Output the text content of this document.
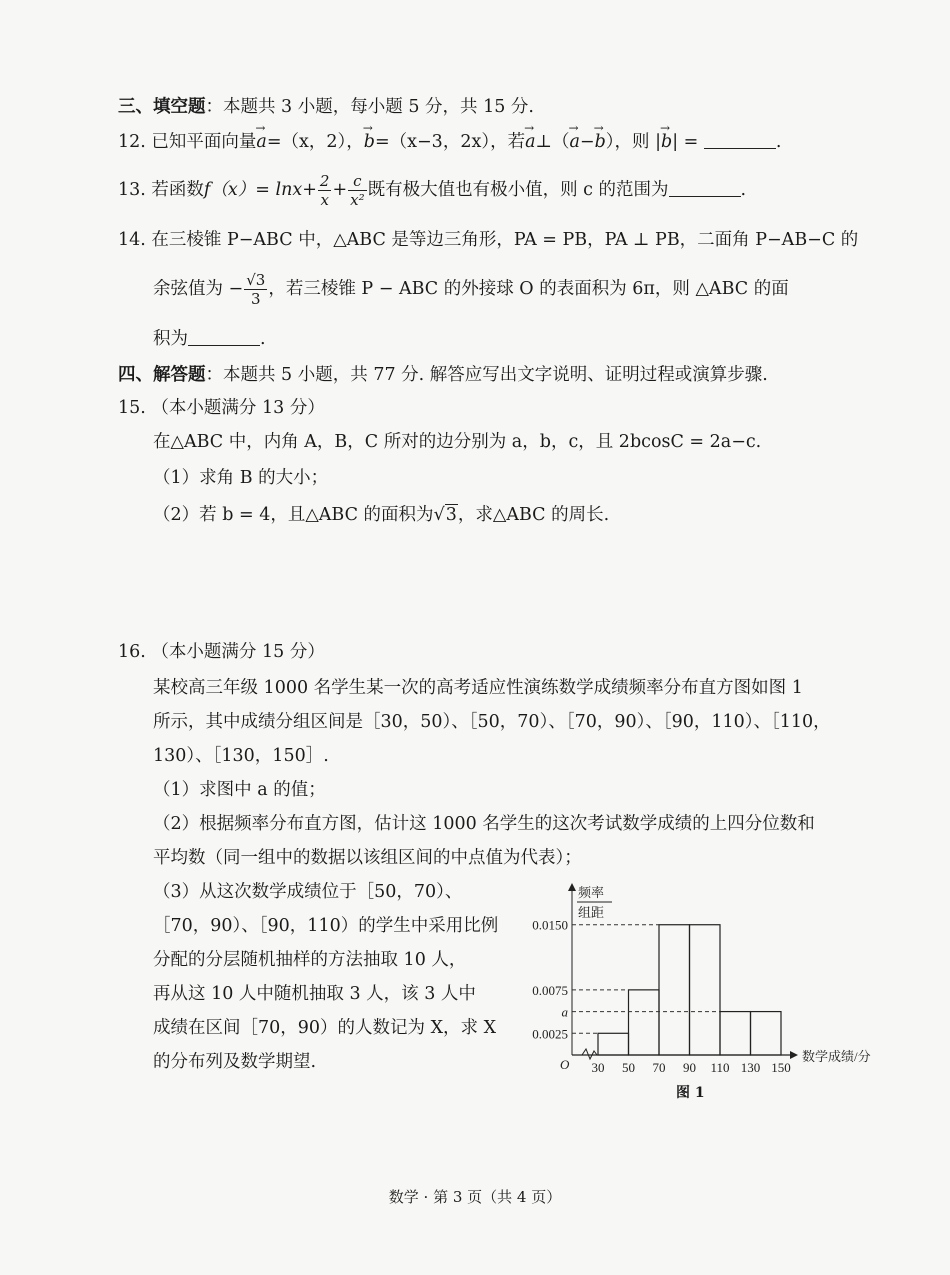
三、填空题：本题共 3 小题，每小题 5 分，共 15 分.
12. 已知平面向量→ a=（x，2），→ b=（x−3，2x），若→ a⊥（→ a−→ b），则 |→ b| =	.
13. 若函数$f(x)= \ln x+ \frac{2}{x} + \frac{c}{\text{x²}}$ 既有极大值也有极小值，则 c 的范围为	.
14. 在三棱锥 P−ABC 中，△ABC 是等边三角形，PA = PB，PA ⊥ PB，二面角 P−AB−C 的
余弦值为 − $\frac{√3}{3}$ ，若三棱锥 P − ABC 的外接球 O 的表面积为 6π，则 △ABC 的面
积为	.
四、解答题：本题共 5 小题，共 77 分. 解答应写出文字说明、证明过程或演算步骤.
15. （本小题满分 13 分）
在△ABC 中，内角 A，B，C 所对的边分别为 a，b，c，且 2bcosC = 2a−c.
（1）求角 B 的大小；
（2）若 b = 4，且△ABC 的面积为√3，求△ABC 的周长.
16. （本小题满分 15 分）
某校高三年级 1000 名学生某一次的高考适应性演练数学成绩频率分布直方图如图 1
所示，其中成绩分组区间是［30，50）、［50，70）、［70，90）、［90，110）、［110，
130）、［130，150］.
（1）求图中 a 的值；
（2）根据频率分布直方图，估计这 1000 名学生的这次考试数学成绩的上四分位数和
平均数（同一组中的数据以该组区间的中点值为代表）；
（3）从这次数学成绩位于［50，70）、
［70，90）、［90，110）的学生中采用比例
分配的分层随机抽样的方法抽取 10 人，
再从这 10 人中随机抽取 3 人，该 3 人中
成绩在区间［70，90）的人数记为 X，求 X
的分布列及数学期望.
0.0025
a
0.0075
0.0150
30 50 70 90 110 130 150
O
频率
组距
数学成绩/分
图 1
数学 · 第 3 页（共 4 页）
